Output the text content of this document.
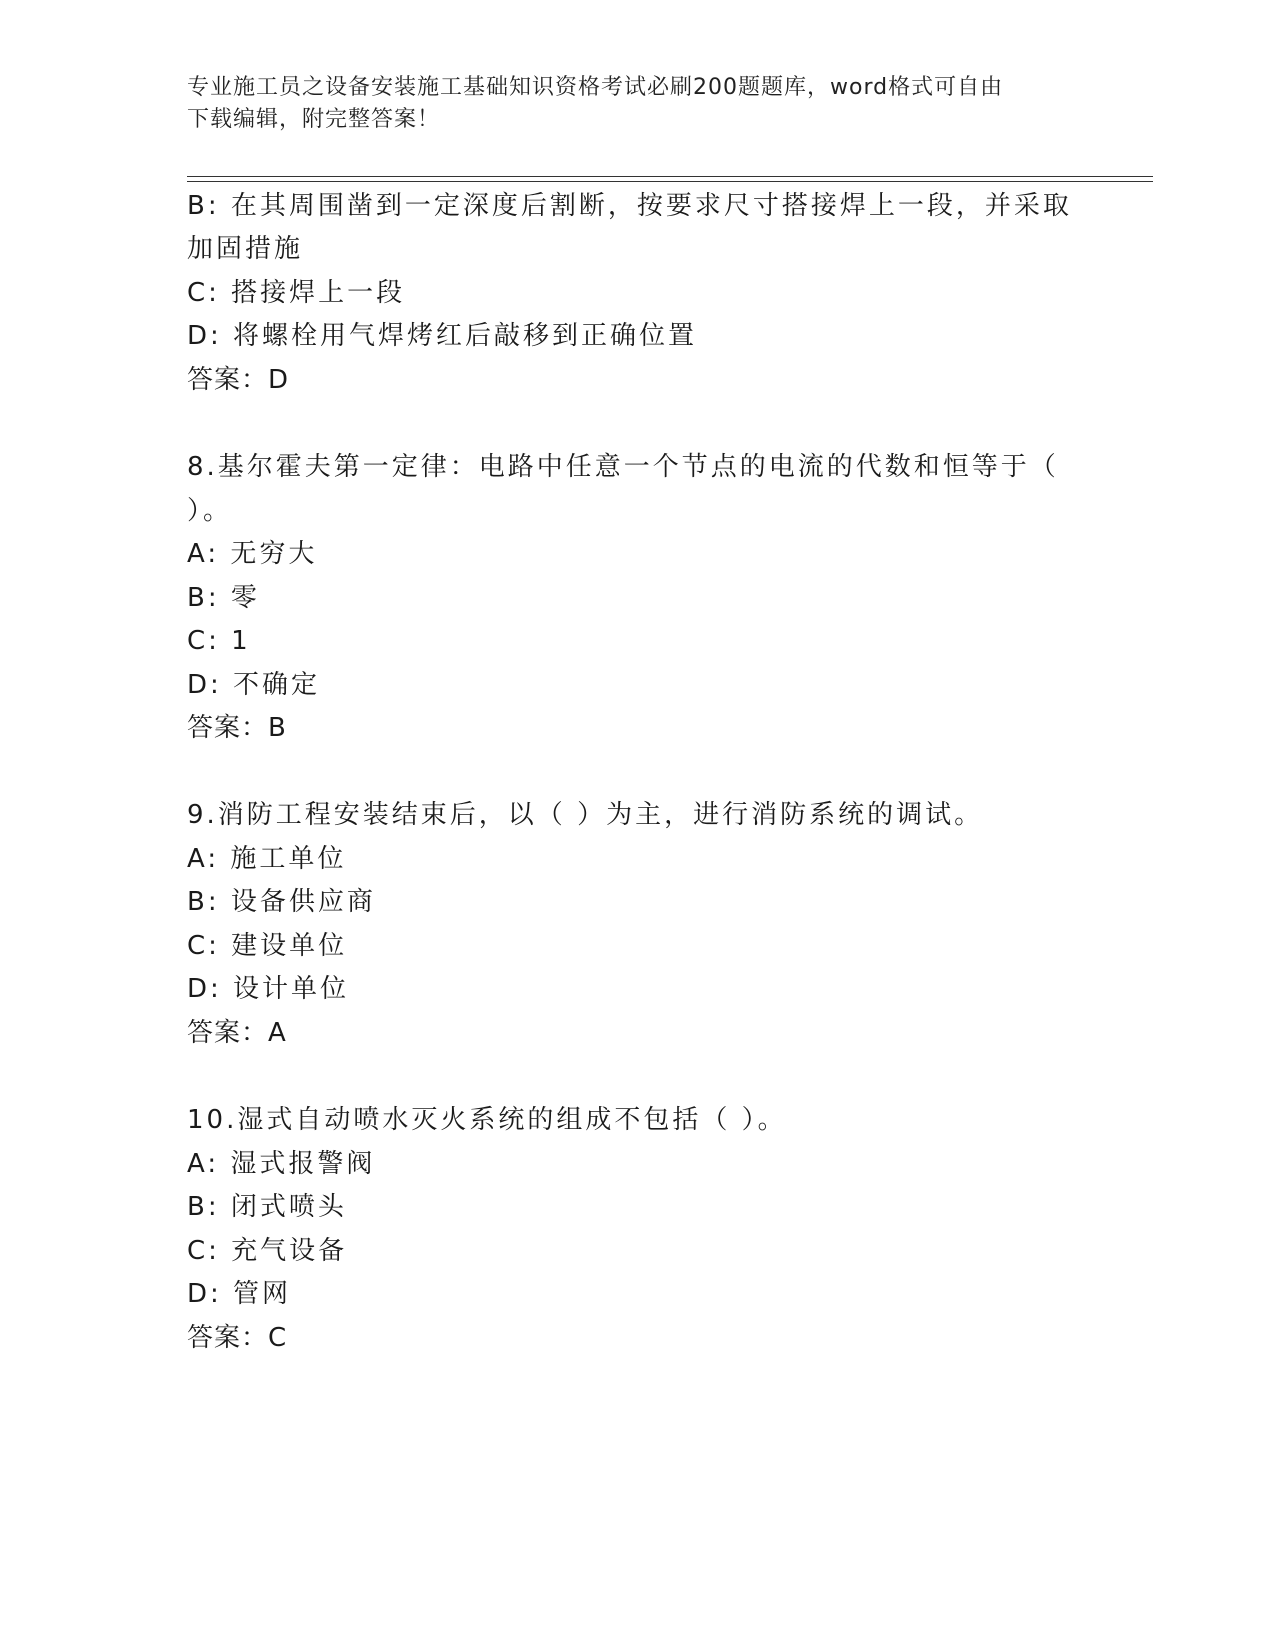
专业施工员之设备安装施工基础知识资格考试必刷200题题库，word格式可自由
下载编辑，附完整答案！
B: 在其周围凿到一定深度后割断，按要求尺寸搭接焊上一段，并采取
加固措施
C: 搭接焊上一段
D: 将螺栓用气焊烤红后敲移到正确位置
答案：D
8.基尔霍夫第一定律：电路中任意一个节点的电流的代数和恒等于（
）。
A: 无穷大
B: 零
C: 1
D: 不确定
答案：B
9.消防工程安装结束后，以（ ）为主，进行消防系统的调试。
A: 施工单位
B: 设备供应商
C: 建设单位
D: 设计单位
答案：A
10.湿式自动喷水灭火系统的组成不包括（ ）。
A: 湿式报警阀
B: 闭式喷头
C: 充气设备
D: 管网
答案：C
